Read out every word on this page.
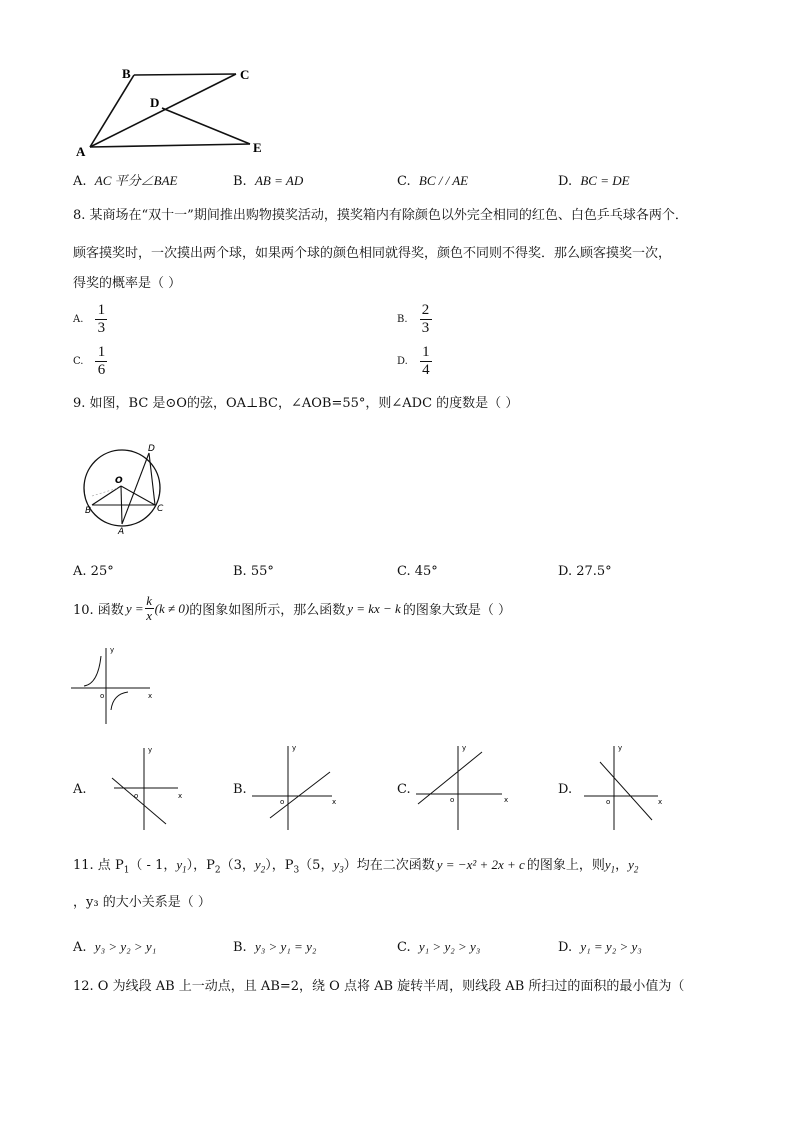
B	C
D
A	E
A. AC 平分∠BAE	B. AB = AD	C. BC / / AE	D. BC = DE
8. 某商场在“双十一”期间推出购物摸奖活动，摸奖箱内有除颜色以外完全相同的红色、白色乒乓球各两个．
顾客摸奖时，一次摸出两个球，如果两个球的颜色相同就得奖，颜色不同则不得奖．那么顾客摸奖一次，
得奖的概率是（ ）
A. $\frac{1}{3}$	B. $\frac{2}{3}$
C. $\frac{1}{6}$	D. $\frac{1}{4}$
9. 如图，BC 是⊙O的弦，OA⊥BC，∠AOB=55°，则∠ADC 的度数是（ ）
D
O
B	C
A
A. 25°	B. 55°	C. 45°	D. 27.5°
10. 函数 $y = \frac{k}{x} (k \ne 0)$ 的图象如图所示，那么函数 y = kx − k 的图象大致是（ ）
y
x
o
A.
y
x
o	B.
y
x
o
C.
y
x
o
D.
y
x
o
11. 点 $P_1( - 1$，$y_1$），$P_2(3$，$y_2$），$P_3(5$，$y_3$）均在二次函数 y = −x² + 2x + c 的图象上，则$y_1$，$y_2$
，y₃ 的大小关系是（ ）
A. y₃ > y₂ > y₁	B. y₃ > y₁ = y₂	C. y₁ > y₂ > y₃	D. y₁ = y₂ > y₃
12. O 为线段 AB 上一动点，且 AB=2，绕 O 点将 AB 旋转半周，则线段 AB 所扫过的面积的最小值为（
